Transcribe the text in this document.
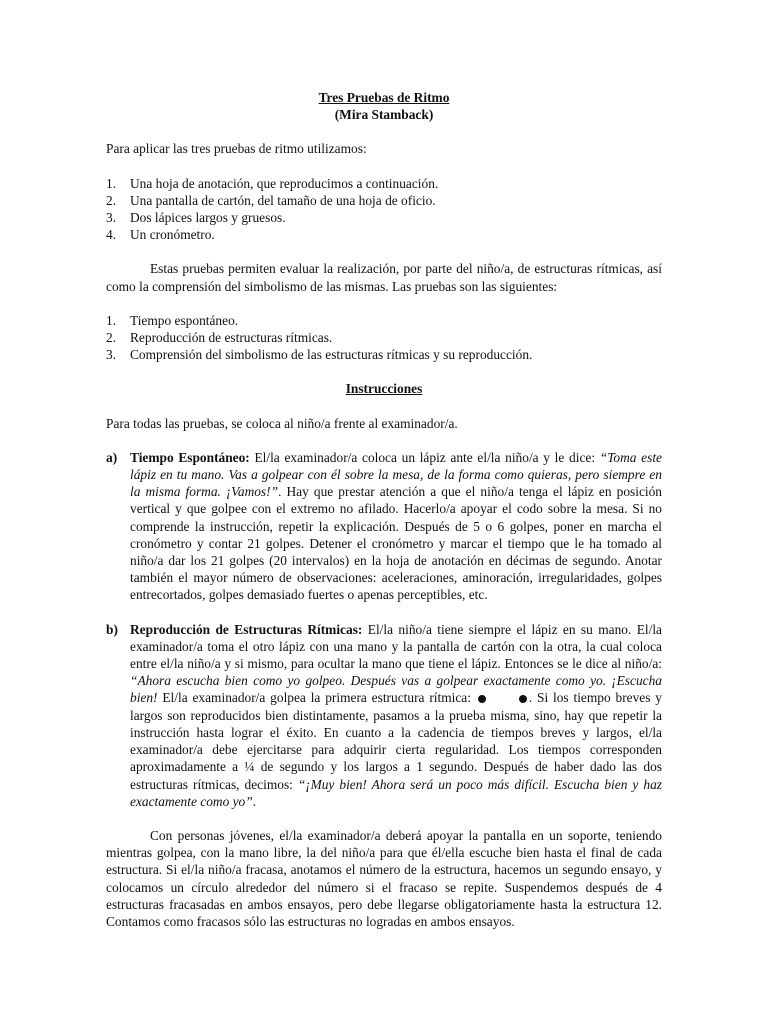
Tres Pruebas de Ritmo
(Mira Stamback)

Para aplicar las tres pruebas de ritmo utilizamos:

1. Una hoja de anotación, que reproducimos a continuación.
2. Una pantalla de cartón, del tamaño de una hoja de oficio.
3. Dos lápices largos y gruesos.
4. Un cronómetro.

Estas pruebas permiten evaluar la realización, por parte del niño/a, de estructuras rítmicas, así como la comprensión del simbolismo de las mismas. Las pruebas son las siguientes:

1. Tiempo espontáneo.
2. Reproducción de estructuras rítmicas.
3. Comprensión del simbolismo de las estructuras rítmicas y su reproducción.
Instrucciones

Para todas las pruebas, se coloca al niño/a frente al examinador/a.

a) Tiempo Espontáneo: El/la examinador/a coloca un lápiz ante el/la niño/a y le dice: “Toma este lápiz en tu mano. Vas a golpear con él sobre la mesa, de la forma como quieras, pero siempre en la misma forma. ¡Vamos!”. Hay que prestar atención a que el niño/a tenga el lápiz en posición vertical y que golpee con el extremo no afilado. Hacerlo/a apoyar el codo sobre la mesa. Si no comprende la instrucción, repetir la explicación. Después de 5 o 6 golpes, poner en marcha el cronómetro y contar 21 golpes. Detener el cronómetro y marcar el tiempo que le ha tomado al niño/a dar los 21 golpes (20 intervalos) en la hoja de anotación en décimas de segundo. Anotar también el mayor número de observaciones: aceleraciones, aminoración, irregularidades, golpes entrecortados, golpes demasiado fuertes o apenas perceptibles, etc.
b) Reproducción de Estructuras Rítmicas: El/la niño/a tiene siempre el lápiz en su mano. El/la examinador/a toma el otro lápiz con una mano y la pantalla de cartón con la otra, la cual coloca entre el/la niño/a y si mismo, para ocultar la mano que tiene el lápiz. Entonces se le dice al niño/a: “Ahora escucha bien como yo golpeo. Después vas a golpear exactamente como yo. ¡Escucha bien! El/la examinador/a golpea la primera estructura rítmica:	. Si los tiempo breves y largos son reproducidos bien distintamente, pasamos a la prueba misma, sino, hay que repetir la instrucción hasta lograr el éxito. En cuanto a la cadencia de tiempos breves y largos, el/la examinador/a debe ejercitarse para adquirir cierta regularidad. Los tiempos corresponden aproximadamente a ¼ de segundo y los largos a 1 segundo. Después de haber dado las dos estructuras rítmicas, decimos: “¡Muy bien! Ahora será un poco más difícil. Escucha bien y haz exactamente como yo”.

Con personas jóvenes, el/la examinador/a deberá apoyar la pantalla en un soporte, teniendo mientras golpea, con la mano libre, la del niño/a para que él/ella escuche bien hasta el final de cada estructura. Si el/la niño/a fracasa, anotamos el número de la estructura, hacemos un segundo ensayo, y colocamos un círculo alrededor del número si el fracaso se repite. Suspendemos después de 4 estructuras fracasadas en ambos ensayos, pero debe llegarse obligatoriamente hasta la estructura 12. Contamos como fracasos sólo las estructuras no logradas en ambos ensayos.
